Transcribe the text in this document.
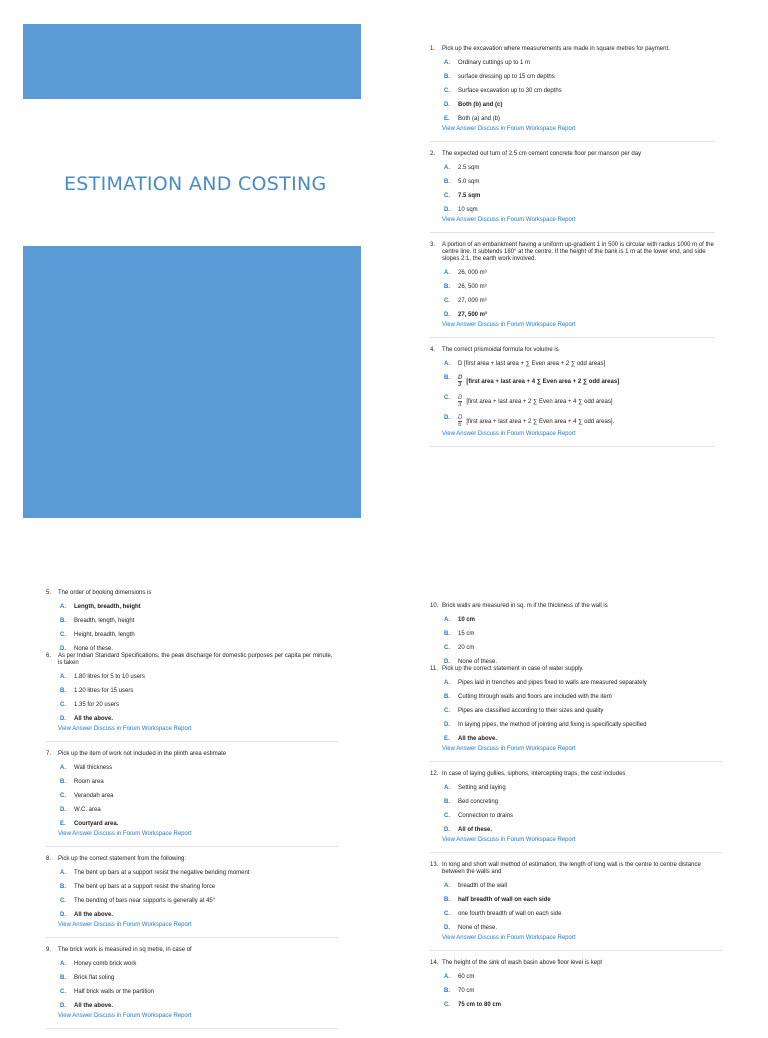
ESTIMATION AND COSTING
1.	Pick up the excavation where measurements are made in square metres for payment.
A.	Ordinary cuttings up to 1 m
B.	surface dressing up to 15 cm depths
C.	Surface excavation up to 30 cm depths
D.	Both (b) and (c)
E.	Both (a) and (b)
View Answer Discuss in Forum Workspace Report
2.	The expected out turn of 2.5 cm cement concrete floor per manson per day
A.	2.5 sqm
B.	5.0 sqm
C.	7.5 sqm
D.	10 sqm
View Answer Discuss in Forum Workspace Report
3.	A portion of an embankment having a uniform up-gradient 1 in 500 is circular with radius 1000 m of the centre line. It subtends 180° at the centre. If the height of the bank is 1 m at the lower end, and side slopes 2:1, the earth work involved.
A.	26, 000 m³
B.	26, 500 m³
C.	27, 000 m³
D.	27, 500 m³
View Answer Discuss in Forum Workspace Report
4.	The correct prismoidal formula for volume is
A.	D [first area + last area + ∑ Even area + 2 ∑ odd areas]
B.	$\frac{D}{3}$ [first area + last area + 4 ∑ Even area + 2 ∑ odd areas]
C.	$\frac{D}{3}$ [first area + last area + 2 ∑ Even area + 4 ∑ odd areas]
D.	$\frac{D}{6}$ [first area + last area + 2 ∑ Even area + 4 ∑ odd areas].
View Answer Discuss in Forum Workspace Report
5.	The order of booking dimensions is
A.	Length, breadth, height
B.	Breadth, length, height
C.	Height, breadth, length
D.	None of these.
6.	As per Indian Standard Specifications, the peak discharge for domestic purposes per capita per minute, is taken
A.	1.80 litres for 5 to 10 users
B.	1.20 litres for 15 users
C.	1.35 for 20 users
D.	All the above.
View Answer Discuss in Forum Workspace Report
7.	Pick up the item of work not included in the plinth area estimate
A.	Wall thickness
B.	Room area
C.	Verandah area
D.	W.C. area
E.	Courtyard area.
View Answer Discuss in Forum Workspace Report
8.	Pick up the correct statement from the following:
A.	The bent up bars at a support resist the negative bending moment
B.	The bent up bars at a support resist the sharing force
C.	The bending of bars near supports is generally at 45°
D.	All the above.
View Answer Discuss in Forum Workspace Report
9.	The brick work is measured in sq metre, in case of
A.	Honey comb brick work
B.	Brick flat soling
C.	Half brick walls or the partition
D.	All the above.
View Answer Discuss in Forum Workspace Report
10. Brick walls are measured in sq. m if the thickness of the wall is
A.	10 cm
B.	15 cm
C.	20 cm
D.	None of these.
11. Pick up the correct statement in case of water supply.
A.	Pipes laid in trenches and pipes fixed to walls are measured separately
B.	Cutting through walls and floors are included with the item
C.	Pipes are classified according to their sizes and quality
D.	In laying pipes, the method of jointing and fixing is specifically specified
E.	All the above.
View Answer Discuss in Forum Workspace Report
12. In case of laying gullies, siphons, intercepting traps, the cost includes
A.	Setting and laying
B.	Bed concreting
C.	Connection to drains
D.	All of these.
View Answer Discuss in Forum Workspace Report
13. In long and short wall method of estimation, the length of long wall is the centre to centre distance between the walls and
A.	breadth of the wall
B.	half breadth of wall on each side
C.	one fourth breadth of wall on each side
D.	None of these.
View Answer Discuss in Forum Workspace Report
14. The height of the sink of wash basin above floor level is kept
A.	60 cm
B.	70 cm
C.	75 cm to 80 cm
